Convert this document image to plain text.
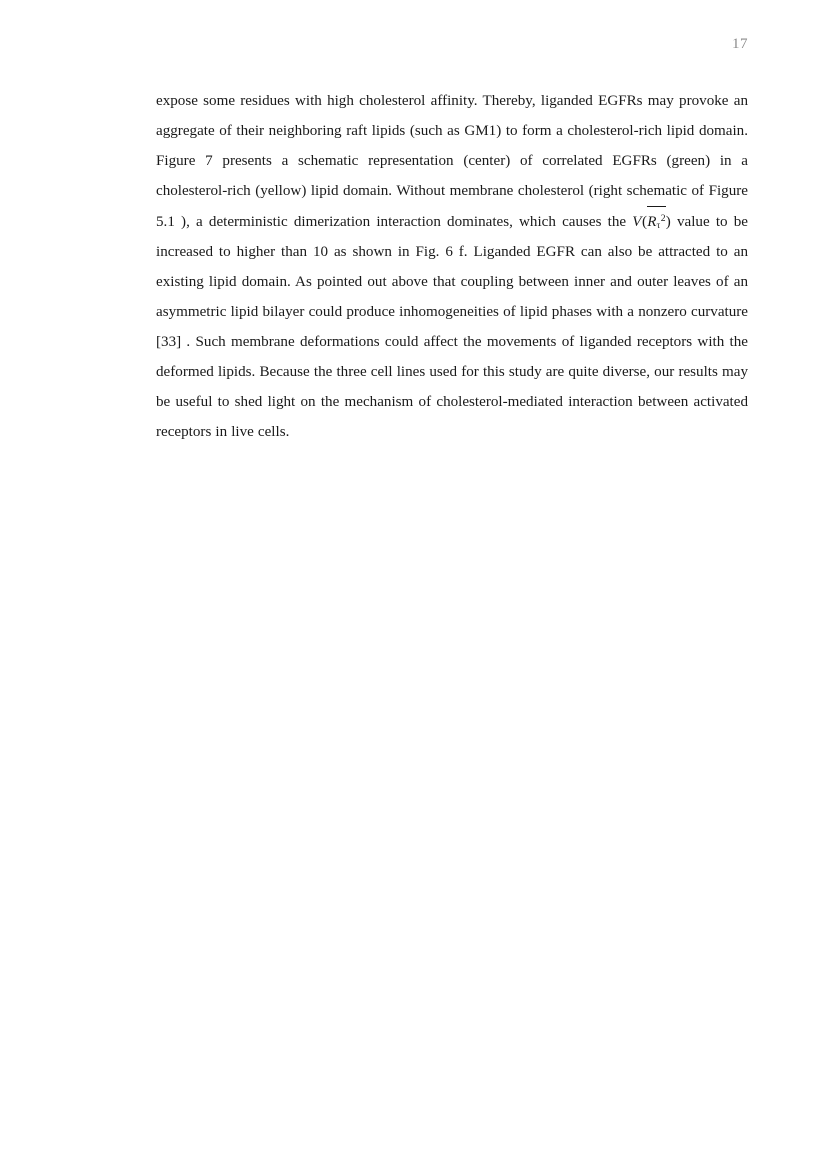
17

expose some residues with high cholesterol affinity. Thereby, liganded EGFRs may provoke an aggregate of their neighboring raft lipids (such as GM1) to form a cholesterol-rich lipid domain. Figure 7 presents a schematic representation (center) of correlated EGFRs (green) in a cholesterol-rich (yellow) lipid domain. Without membrane cholesterol (right schematic of Figure 5.1 ), a deterministic dimerization interaction dominates, which causes the $V(R_\tau^2)$ value to be increased to higher than 10 as shown in Fig. 6 f. Liganded EGFR can also be attracted to an existing lipid domain. As pointed out above that coupling between inner and outer leaves of an asymmetric lipid bilayer could produce inhomogeneities of lipid phases with a nonzero curvature [33] . Such membrane deformations could affect the movements of liganded receptors with the deformed lipids. Because the three cell lines used for this study are quite diverse, our results may be useful to shed light on the mechanism of cholesterol-mediated interaction between activated receptors in live cells.
